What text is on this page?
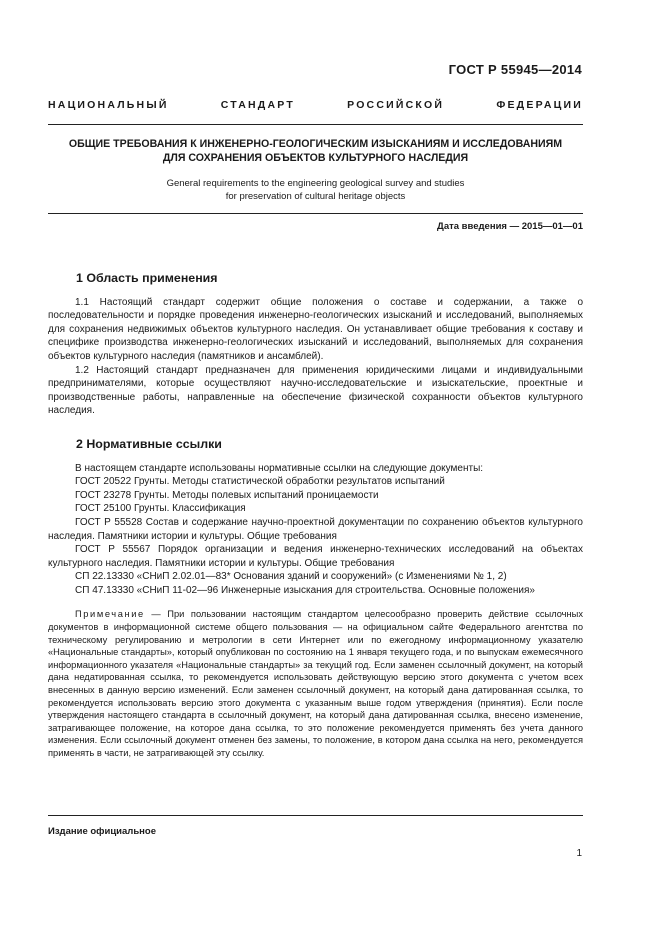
ГОСТ Р 55945—2014
НАЦИОНАЛЬНЫЙ СТАНДАРТ РОССИЙСКОЙ ФЕДЕРАЦИИ
ОБЩИЕ ТРЕБОВАНИЯ К ИНЖЕНЕРНО-ГЕОЛОГИЧЕСКИМ ИЗЫСКАНИЯМ И ИССЛЕДОВАНИЯМ
ДЛЯ СОХРАНЕНИЯ ОБЪЕКТОВ КУЛЬТУРНОГО НАСЛЕДИЯ
General requirements to the engineering geological survey and studies
for preservation of cultural heritage objects
Дата введения — 2015—01—01
1 Область применения

1.1 Настоящий стандарт содержит общие положения о составе и содержании, а также о последовательности и порядке проведения инженерно-геологических изысканий и исследований, выполняемых для сохранения недвижимых объектов культурного наследия. Он устанавливает общие требования к составу и специфике производства инженерно-геологических изысканий и исследований, выполняемых для сохранения объектов культурного наследия (памятников и ансамблей).

1.2 Настоящий стандарт предназначен для применения юридическими лицами и индивидуальными предпринимателями, которые осуществляют научно-исследовательские и изыскательские, проектные и производственные работы, направленные на обеспечение физической сохранности объектов культурного наследия.

2 Нормативные ссылки

В настоящем стандарте использованы нормативные ссылки на следующие документы:

ГОСТ 20522 Грунты. Методы статистической обработки результатов испытаний

ГОСТ 23278 Грунты. Методы полевых испытаний проницаемости

ГОСТ 25100 Грунты. Классификация

ГОСТ Р 55528 Состав и содержание научно-проектной документации по сохранению объектов культурного наследия. Памятники истории и культуры. Общие требования

ГОСТ Р 55567 Порядок организации и ведения инженерно-технических исследований на объектах культурного наследия. Памятники истории и культуры. Общие требования

СП 22.13330 «СНиП 2.02.01—83* Основания зданий и сооружений» (с Изменениями № 1, 2)

СП 47.13330 «СНиП 11-02—96 Инженерные изыскания для строительства. Основные положения»

Примечание — При пользовании настоящим стандартом целесообразно проверить действие ссылочных документов в информационной системе общего пользования — на официальном сайте Федерального агентства по техническому регулированию и метрологии в сети Интернет или по ежегодному информационному указателю «Национальные стандарты», который опубликован по состоянию на 1 января текущего года, и по выпускам ежемесячного информационного указателя «Национальные стандарты» за текущий год. Если заменен ссылочный документ, на который дана недатированная ссылка, то рекомендуется использовать действующую версию этого документа с учетом всех внесенных в данную версию изменений. Если заменен ссылочный документ, на который дана датированная ссылка, то рекомендуется использовать версию этого документа с указанным выше годом утверждения (принятия). Если после утверждения настоящего стандарта в ссылочный документ, на который дана датированная ссылка, внесено изменение, затрагивающее положение, на которое дана ссылка, то это положение рекомендуется применять без учета данного изменения. Если ссылочный документ отменен без замены, то положение, в котором дана ссылка на него, рекомендуется применять в части, не затрагивающей эту ссылку.
Издание официальное
1
